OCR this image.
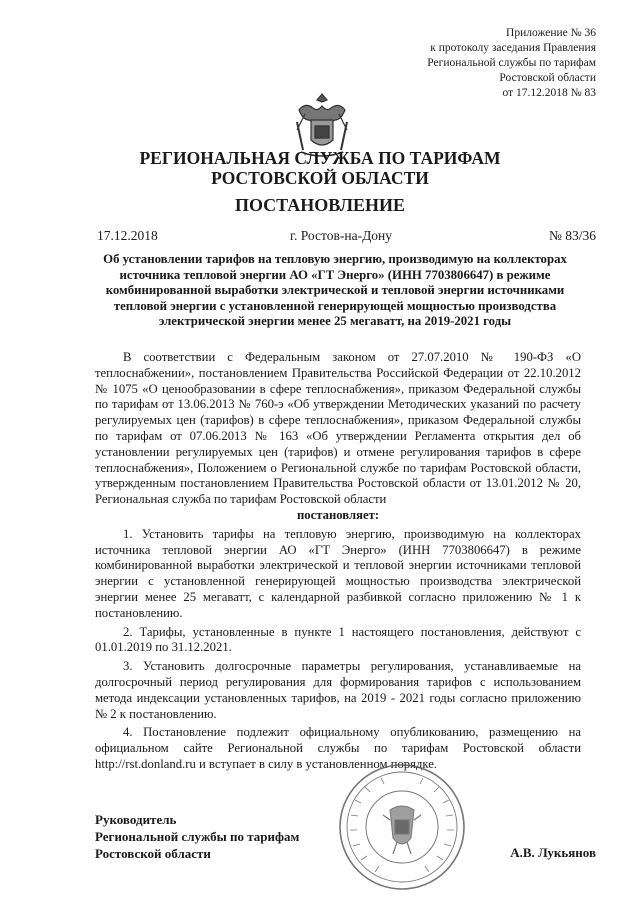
Приложение № 36
к протоколу заседания Правления
Региональной службы по тарифам
Ростовской области
от 17.12.2018 № 83
РЕГИОНАЛЬНАЯ СЛУЖБА ПО ТАРИФАМ
РОСТОВСКОЙ ОБЛАСТИ
ПОСТАНОВЛЕНИЕ
17.12.2018	г. Ростов-на-Дону	№ 83/36
Об установлении тарифов на тепловую энергию, производимую на коллекторах источника тепловой энергии АО «ГТ Энерго» (ИНН 7703806647) в режиме комбинированной выработки электрической и тепловой энергии источниками тепловой энергии с установленной генерирующей мощностью производства электрической энергии менее 25 мегаватт, на 2019-2021 годы

В соответствии с Федеральным законом от 27.07.2010 № 190-ФЗ «О теплоснабжении», постановлением Правительства Российской Федерации от 22.10.2012 № 1075 «О ценообразовании в сфере теплоснабжения», приказом Федеральной службы по тарифам от 13.06.2013 № 760-э «Об утверждении Методических указаний по расчету регулируемых цен (тарифов) в сфере теплоснабжения», приказом Федеральной службы по тарифам от 07.06.2013 № 163 «Об утверждении Регламента открытия дел об установлении регулируемых цен (тарифов) и отмене регулирования тарифов в сфере теплоснабжения», Положением о Региональной службе по тарифам Ростовской области, утвержденным постановлением Правительства Ростовской области от 13.01.2012 № 20, Региональная служба по тарифам Ростовской области

постановляет:

1. Установить тарифы на тепловую энергию, производимую на коллекторах источника тепловой энергии АО «ГТ Энерго» (ИНН 7703806647) в режиме комбинированной выработки электрической и тепловой энергии источниками тепловой энергии с установленной генерирующей мощностью производства электрической энергии менее 25 мегаватт, с календарной разбивкой согласно приложению № 1 к постановлению.

2. Тарифы, установленные в пункте 1 настоящего постановления, действуют с 01.01.2019 по 31.12.2021.

3. Установить долгосрочные параметры регулирования, устанавливаемые на долгосрочный период регулирования для формирования тарифов с использованием метода индексации установленных тарифов, на 2019 - 2021 годы согласно приложению № 2 к постановлению.

4. Постановление подлежит официальному опубликованию, размещению на официальном сайте Региональной службы по тарифам Ростовской области http://rst.donland.ru и вступает в силу в установленном порядке.

Руководитель
Региональной службы по тарифам
Ростовской области	А.В. Лукьянов
